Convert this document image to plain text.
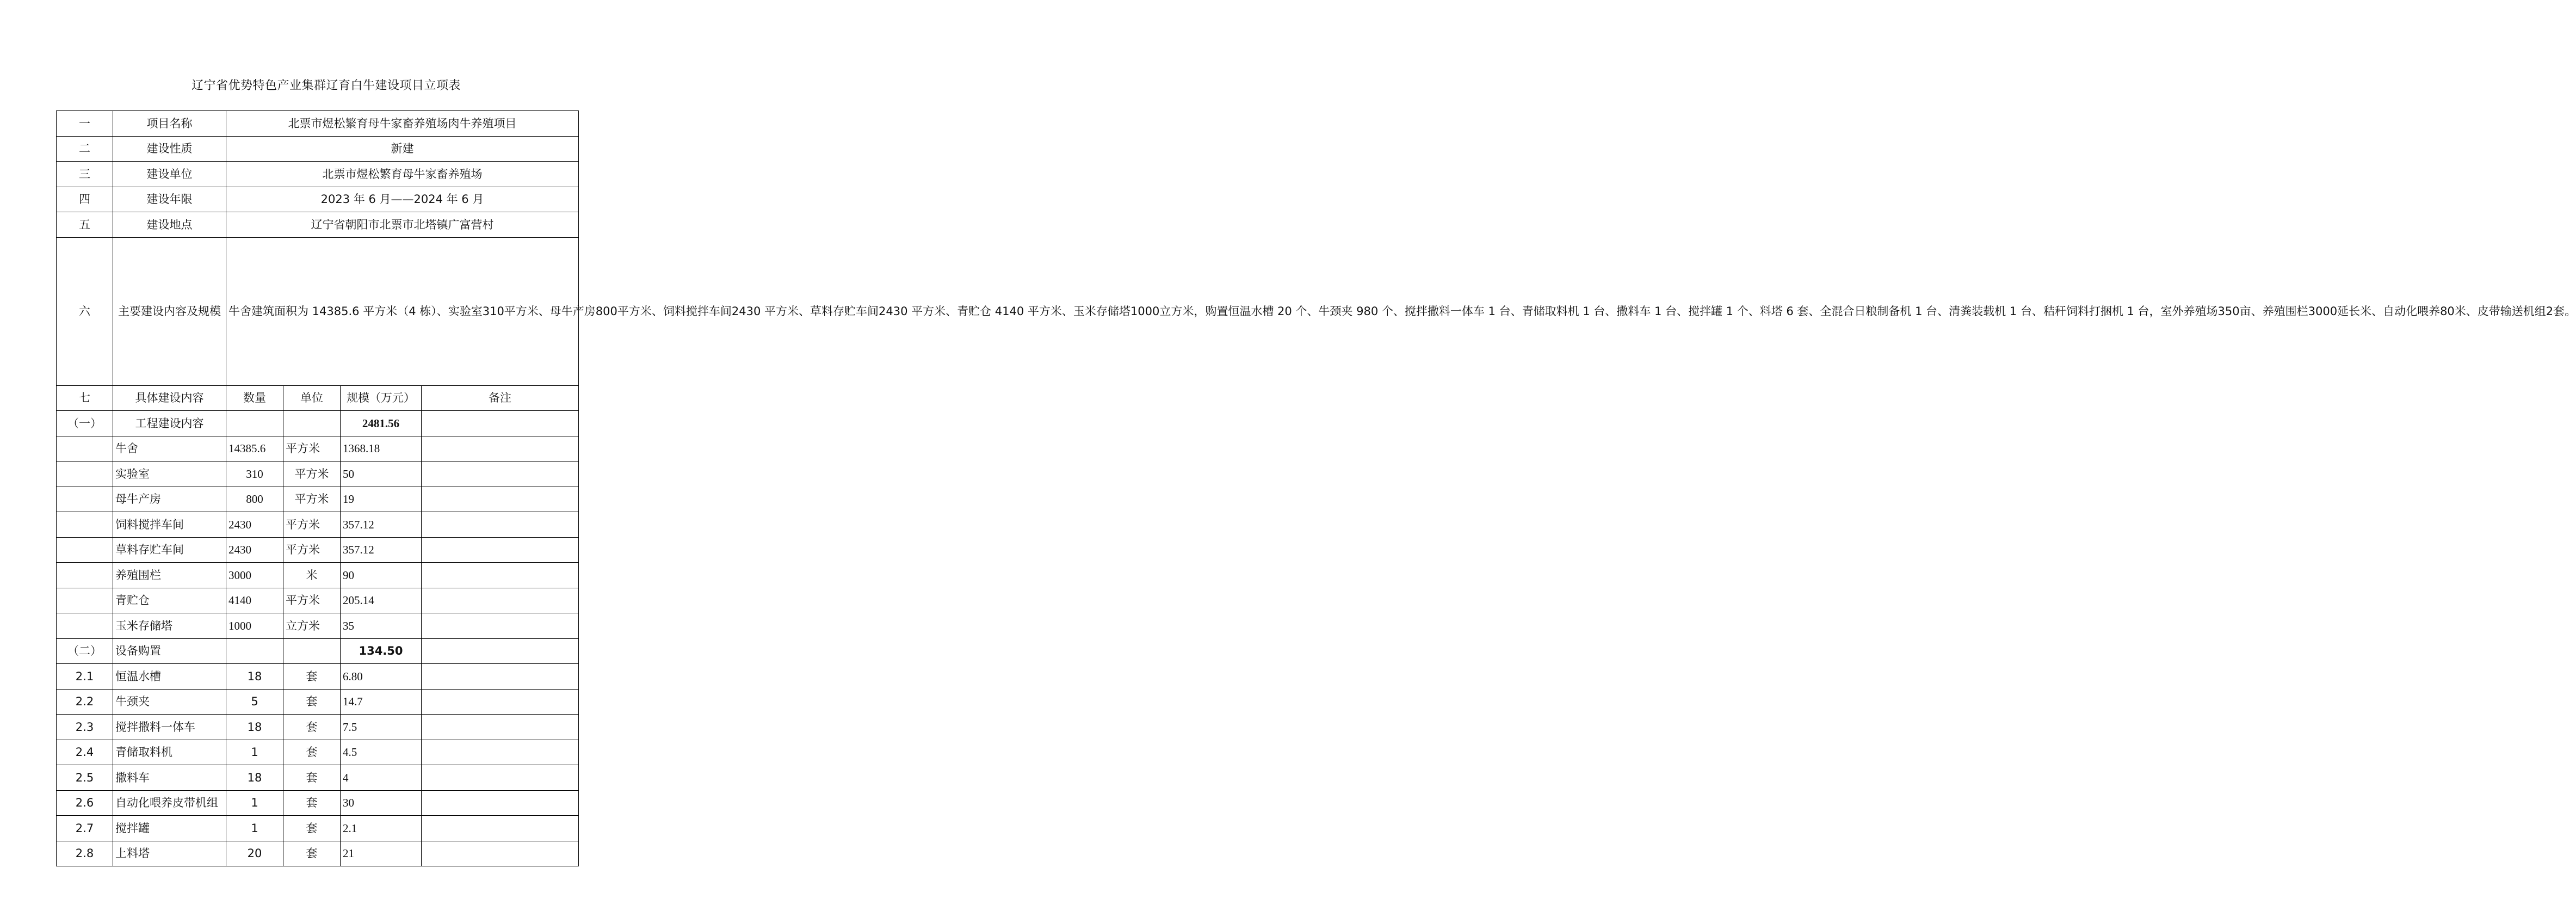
辽宁省优势特色产业集群辽育白牛建设项目立项表
一	项目名称	北票市煜松繁育母牛家畜养殖场肉牛养殖项目			
二	建设性质	新建			
三	建设单位	北票市煜松繁育母牛家畜养殖场			
四	建设年限	2023 年 6 月——2024 年 6 月			
五	建设地点	辽宁省朝阳市北票市北塔镇广富营村			
六	主要建设内容及规模	牛舍建筑面积为 14385.6 平方米（4 栋）、实验室310平方米、母牛产房800平方米、饲料搅拌车间2430 平方米、草料存贮车间2430 平方米、青贮仓 4140 平方米、玉米存储塔1000立方米，购置恒温水槽 20 个、牛颈夹 980 个、搅拌撒料一体车 1 台、青储取料机 1 台、撒料车 1 台、搅拌罐 1 个、料塔 6 套、全混合日粮制备机 1 台、清粪装载机 1 台、秸秆饲料打捆机 1 台，室外养殖场350亩、养殖围栏3000延长米、自动化喂养80米、皮带输送机组2套。			
七	具体建设内容	数量	单位	规模（万元）	备注
（一）	工程建设内容			2481.56	
	牛舍	14385.6	平方米	1368.18	
	实验室	310	平方米	50	
	母牛产房	800	平方米	19	
	饲料搅拌车间	2430	平方米	357.12	
	草料存贮车间	2430	平方米	357.12	
	养殖围栏	3000	米	90	
	青贮仓	4140	平方米	205.14	
	玉米存储塔	1000	立方米	35	
（二）	设备购置			134.50	
2.1	恒温水槽	18	套	6.80	
2.2	牛颈夹	5	套	14.7	
2.3	搅拌撒料一体车	18	套	7.5	
2.4	青储取料机	1	套	4.5	
2.5	撒料车	18	套	4	
2.6	自动化喂养皮带机组	1	套	30	
2.7	搅拌罐	1	套	2.1	
2.8	上料塔	20	套	21	
